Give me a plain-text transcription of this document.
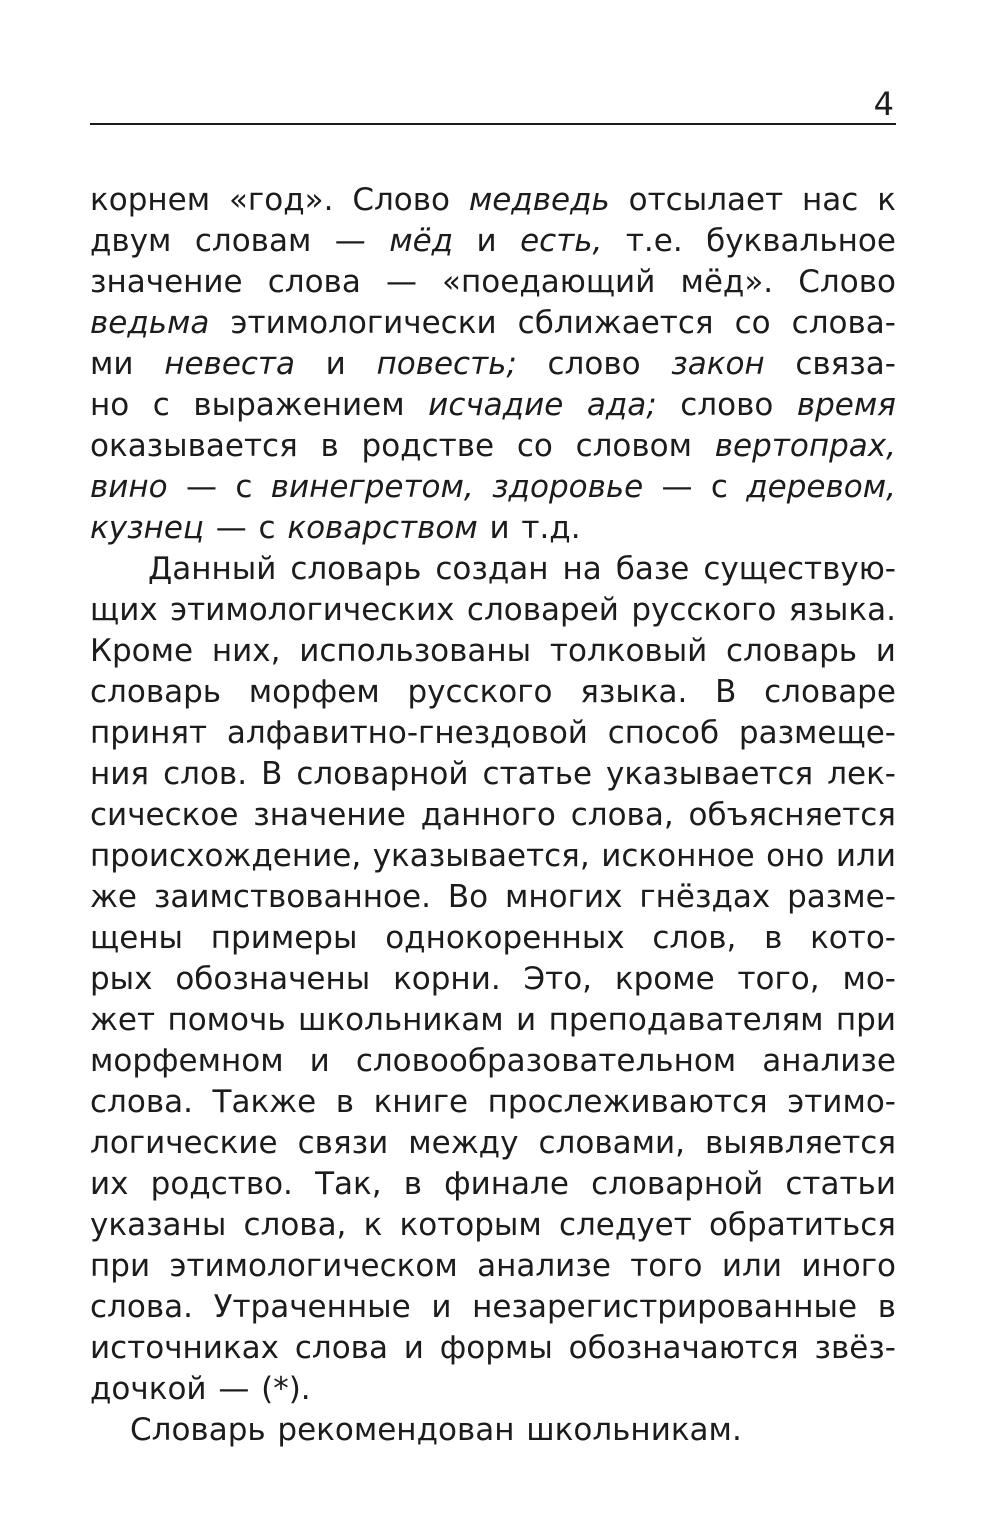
4
корнем «год». Слово медведь отсылает нас к
двум словам — мёд и есть, т.е. буквальное
значение слова — «поедающий мёд». Слово
ведьма этимологически сближается со слова-
ми невеста и повесть; слово закон связа-
но с выражением исчадие ада; слово время
оказывается в родстве со словом вертопрах,
вино — с винегретом, здоровье — с деревом,
кузнец — с коварством и т.д.
Данный словарь создан на базе существую-
щих этимологических словарей русского языка.
Кроме них, использованы толковый словарь и
словарь морфем русского языка. В словаре
принят алфавитно-гнездовой способ размеще-
ния слов. В словарной статье указывается лек-
сическое значение данного слова, объясняется
происхождение, указывается, исконное оно или
же заимствованное. Во многих гнёздах разме-
щены примеры однокоренных слов, в кото-
рых обозначены корни. Это, кроме того, мо-
жет помочь школьникам и преподавателям при
морфемном и словообразовательном анализе
слова. Также в книге прослеживаются этимо-
логические связи между словами, выявляется
их родство. Так, в финале словарной статьи
указаны слова, к которым следует обратиться
при этимологическом анализе того или иного
слова. Утраченные и незарегистрированные в
источниках слова и формы обозначаются звёз-
дочкой — (*).
Словарь рекомендован школьникам.
